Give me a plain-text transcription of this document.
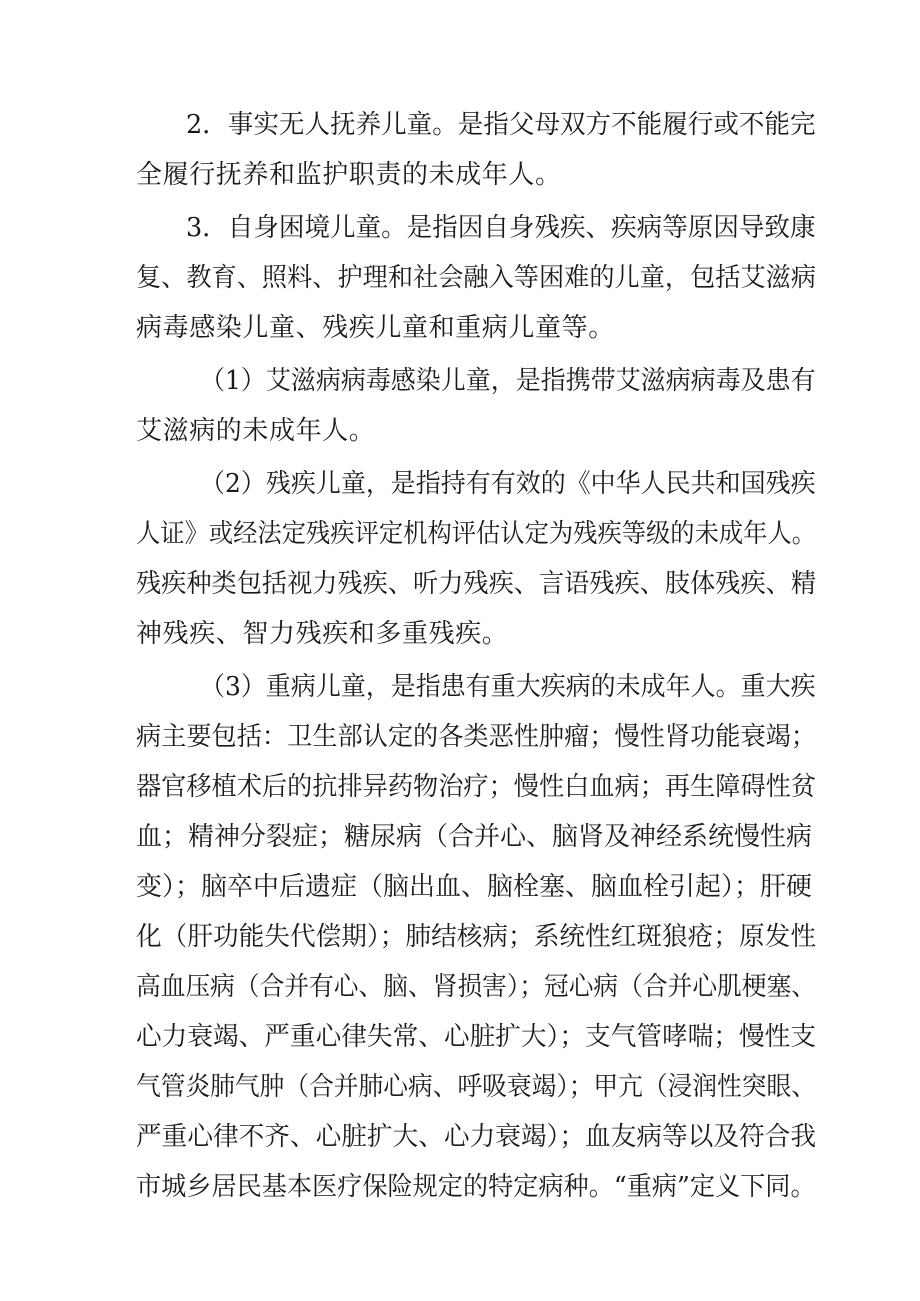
2．事实无人抚养儿童。是指父母双方不能履行或不能完
全履行抚养和监护职责的未成年人。
3．自身困境儿童。是指因自身残疾、疾病等原因导致康
复、教育、照料、护理和社会融入等困难的儿童，包括艾滋病
病毒感染儿童、残疾儿童和重病儿童等。
（1）艾滋病病毒感染儿童，是指携带艾滋病病毒及患有
艾滋病的未成年人。
（2）残疾儿童，是指持有有效的《中华人民共和国残疾
人证》或经法定残疾评定机构评估认定为残疾等级的未成年人。
残疾种类包括视力残疾、听力残疾、言语残疾、肢体残疾、精
神残疾、智力残疾和多重残疾。
（3）重病儿童，是指患有重大疾病的未成年人。重大疾
病主要包括：卫生部认定的各类恶性肿瘤；慢性肾功能衰竭；
器官移植术后的抗排异药物治疗；慢性白血病；再生障碍性贫
血；精神分裂症；糖尿病（合并心、脑肾及神经系统慢性病
变）；脑卒中后遗症（脑出血、脑栓塞、脑血栓引起）；肝硬
化（肝功能失代偿期）；肺结核病；系统性红斑狼疮；原发性
高血压病（合并有心、脑、肾损害）；冠心病（合并心肌梗塞、
心力衰竭、严重心律失常、心脏扩大）；支气管哮喘；慢性支
气管炎肺气肿（合并肺心病、呼吸衰竭）；甲亢（浸润性突眼、
严重心律不齐、心脏扩大、心力衰竭）；血友病等以及符合我
市城乡居民基本医疗保险规定的特定病种。“重病”定义下同。
